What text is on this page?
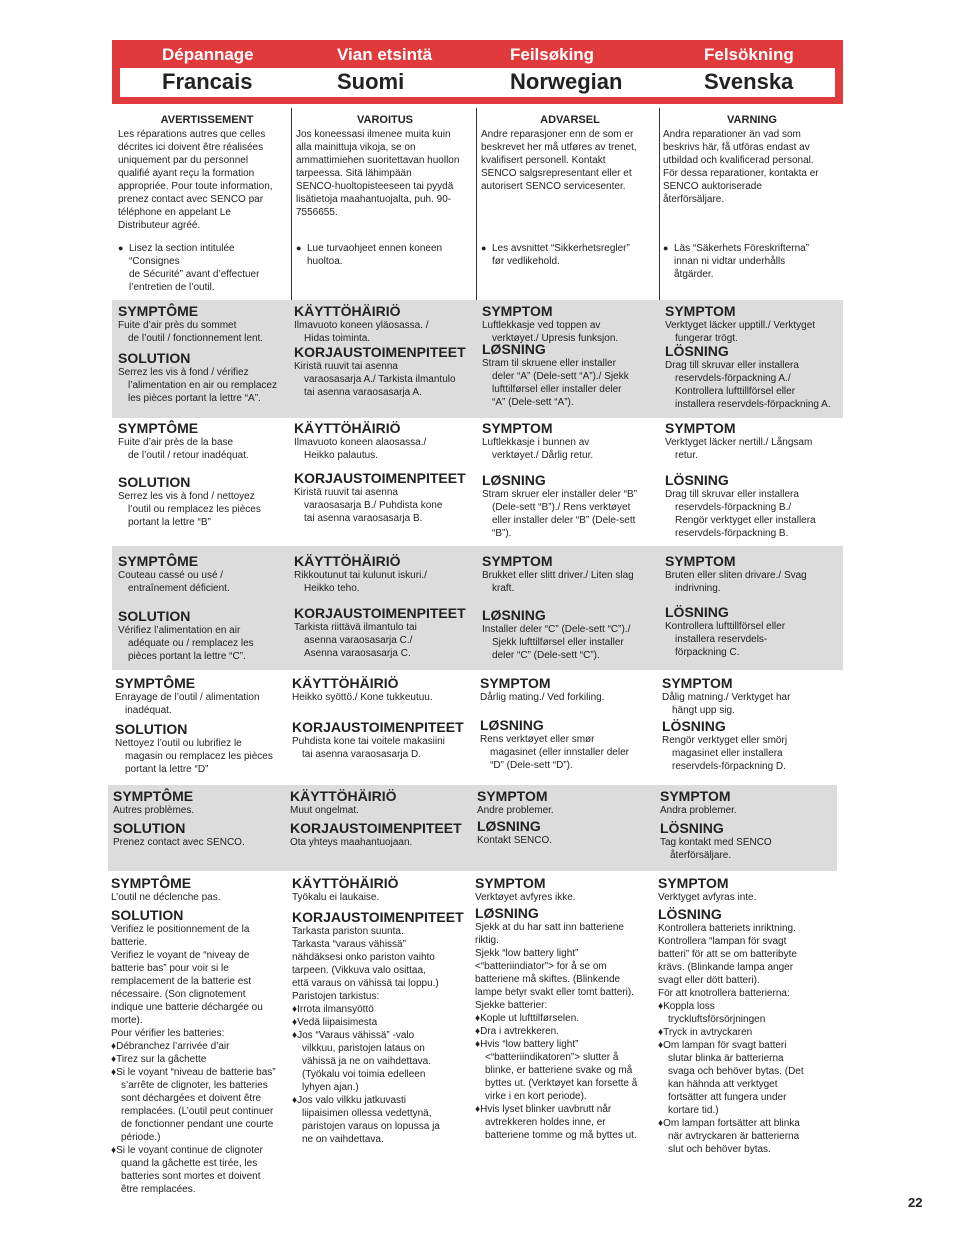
Dépannage
Francais
Vian etsintä
Suomi
Feilsøking
Norwegian
Felsökning
Svenska
AVERTISSEMENT
Les réparations autres que celles
décrites ici doivent être réalisées
uniquement par du personnel
qualifié ayant reçu la formation
appropriée. Pour toute information,
prenez contact avec SENCO par
téléphone en appelant Le
Distributeur agréé.
● Lisez la section intitulée
“Consignes
de Sécurité” avant d’effectuer
l’entretien de l’outil.
VAROITUS
Jos koneessasi ilmenee muita kuin
alla mainittuja vikoja, se on
ammattimiehen suoritettavan huollon
tarpeessa. Sitä lähimpään
SENCO-huoltopisteeseen tai pyydä
lisätietoja maahantuojalta, puh. 90-
7556655.
● Lue turvaohjeet ennen koneen
huoltoa.
ADVARSEL
Andre reparasjoner enn de som er
beskrevet her må utføres av trenet,
kvalifisert personell. Kontakt
SENCO salgsrepresentant eller et
autorisert SENCO servicesenter.
● Les avsnittet “Sikkerhetsregler”
før vedlikehold.
VARNING
Andra reparationer än vad som
beskrivs här, få utföras endast av
utbildad och kvalificerad personal.
För dessa reparationer, kontakta er
SENCO auktoriserade
återförsäljare.
● Läs “Säkerhets Föreskrifterna”
innan ni vidtar underhålls
åtgärder.
SYMPTÔME
Fuite d’air près du sommet
de l’outil / fonctionnement lent.
SOLUTION
Serrez les vis à fond / vérifiez
l’alimentation en air ou remplacez
les pièces portant la lettre “A”.
KÄYTTÖHÄIRIÖ
Ilmavuoto koneen yläosassa. /
Hidas toiminta.
KORJAUSTOIMENPITEET
Kiristä ruuvit tai asenna
varaosasarja A./ Tarkista ilmantulo
tai asenna varaosasarja A.
SYMPTOM
Luftlekkasje ved toppen av
verktøyet./ Upresis funksjon.
LØSNING
Stram til skruene eller installer
deler “A” (Dele-sett “A”)./ Sjekk
lufttilførsel eller installer deler
“A” (Dele-sett “A”).
SYMPTOM
Verktyget läcker upptill./ Verktyget
fungerar trögt.
LÖSNING
Drag till skruvar eller installera
reservdels-förpackning A./
Kontrollera lufttillförsel eller
installera reservdels-förpackning A.
SYMPTÔME
Fuite d’air près de la base
de l’outil / retour inadéquat.
SOLUTION
Serrez les vis à fond / nettoyez
l’outil ou remplacez les pièces
portant la lettre “B”
KÄYTTÖHÄIRIÖ
Ilmavuoto koneen alaosassa./
Heikko palautus.
KORJAUSTOIMENPITEET
Kiristä ruuvit tai asenna
varaosasarja B./ Puhdista kone
tai asenna varaosasarja B.
SYMPTOM
Luftlekkasje i bunnen av
verktøyet./ Dårlig retur.
LØSNING
Stram skruer eler installer deler “B”
(Dele-sett “B”)./ Rens verktøyet
eller installer deler “B” (Dele-sett
“B”).
SYMPTOM
Verktyget läcker nertill./ Långsam
retur.
LÖSNING
Drag till skruvar eller installera
reservdels-förpackning B./
Rengör verktyget eller installera
reservdels-förpackning B.
SYMPTÔME
Couteau cassé ou usé /
entraînement déficient.
SOLUTION
Vérifiez l’alimentation en air
adéquate ou / remplacez les
pièces portant la lettre “C”.
KÄYTTÖHÄIRIÖ
Rikkoutunut tai kulunut iskuri./
Heikko teho.
KORJAUSTOIMENPITEET
Tarkista riittävä ilmantulo tai
asenna varaosasarja C./
Asenna varaosasarja C.
SYMPTOM
Brukket eller slitt driver./ Liten slag
kraft.
LØSNING
Installer deler “C” (Dele-sett “C”)./
Sjekk lufttilførsel eller installer
deler “C” (Dele-sett “C”).
SYMPTOM
Bruten eller sliten drivare./ Svag
indrivning.
LÖSNING
Kontrollera lufttillförsel eller
installera reservdels-
förpackning C.
SYMPTÔME
Enrayage de l’outil / alimentation
inadéquat.
SOLUTION
Nettoyez l’outil ou lubrifiez le
magasin ou remplacez les pièces
portant la lettre “D”
KÄYTTÖHÄIRIÖ
Heikko syöttö./ Kone tukkeutuu.
KORJAUSTOIMENPITEET
Puhdista kone tai voitele makasiini
tai asenna varaosasarja D.
SYMPTOM
Dårlig mating./ Ved forkiling.
LØSNING
Rens verktøyet eller smør
magasinet (eller innstaller deler
“D” (Dele-sett “D”).
SYMPTOM
Dålig matning./ Verktyget har
hängt upp sig.
LÖSNING
Rengör verktyget eller smörj
magasinet eller installera
reservdels-förpackning D.
SYMPTÔME
Autres problèmes.
SOLUTION
Prenez contact avec SENCO.
KÄYTTÖHÄIRIÖ
Muut ongelmat.
KORJAUSTOIMENPITEET
Ota yhteys maahantuojaan.
SYMPTOM
Andre problemer.
LØSNING
Kontakt SENCO.
SYMPTOM
Andra problemer.
LÖSNING
Tag kontakt med SENCO
återförsäljare.
SYMPTÔME
L’outil ne déclenche pas.
SOLUTION
Verifiez le positionnement de la
batterie.
Verifiez le voyant de “niveay de
batterie bas” pour voir si le
remplacement de la batterie est
nécessaire. (Son clignotement
indique une batterie déchargée ou
morte).
Pour vérifier les batteries:
♦Débranchez l’arrivée d’air
♦Tirez sur la gâchette
♦Si le voyant “niveau de batterie bas”
s’arrête de clignoter, les batteries
sont déchargées et doivent être
remplacées. (L’outil peut continuer
de fonctionner pendant une courte
période.)
♦Si le voyant continue de clignoter
quand la gâchette est tirée, les
batteries sont mortes et doivent
être remplacées.
KÄYTTÖHÄIRIÖ
Työkalu ei laukaise.
KORJAUSTOIMENPITEET
Tarkasta pariston suunta.
Tarkasta “varaus vähissä”
nähdäksesi onko pariston vaihto
tarpeen. (Vikkuva valo osittaa,
että varaus on vähissä tai loppu.)
Paristojen tarkistus:
♦Irrota ilmansyöttö
♦Vedä liipaisimesta
♦Jos “Varaus vähissä” -valo
vilkkuu, paristojen lataus on
vähissä ja ne on vaihdettava.
(Työkalu voi toimia edelleen
lyhyen ajan.)
♦Jos valo vilkku jatkuvasti
liipaisimen ollessa vedettynä,
paristojen varaus on lopussa ja
ne on vaihdettava.
SYMPTOM
Verktøyet avfyres ikke.
LØSNING
Sjekk at du har satt inn batteriene
riktig.
Sjekk “low battery light”
<“batteriindiator”> for å se om
batteriene må skiftes. (Blinkende
lampe betyr svakt eller tomt batteri).
Sjekke batterier:
♦Kople ut lufttilførselen.
♦Dra i avtrekkeren.
♦Hvis “low battery light”
<“batteriindikatoren”> slutter å
blinke, er batteriene svake og må
byttes ut. (Verktøyet kan forsette å
virke i en kort periode).
♦Hvis lyset blinker uavbrutt når
avtrekkeren holdes inne, er
batteriene tomme og må byttes ut.
SYMPTOM
Verktyget avfyras inte.
LÖSNING
Kontrollera batteriets inriktning.
Kontrollera “lampan för svagt
batteri” för att se om batteribyte
krävs. (Blinkande lampa anger
svagt eller dött batteri).
För att knotrollera batterierna:
♦Koppla loss
tryckluftsförsörjningen
♦Tryck in avtryckaren
♦Om lampan för svagt batteri
slutar blinka är batterierna
svaga och behöver bytas. (Det
kan hähnda att verktyget
fortsätter att fungera under
kortare tid.)
♦Om lampan fortsätter att blinka
när avtryckaren är batterierna
slut och behöver bytas.
22
